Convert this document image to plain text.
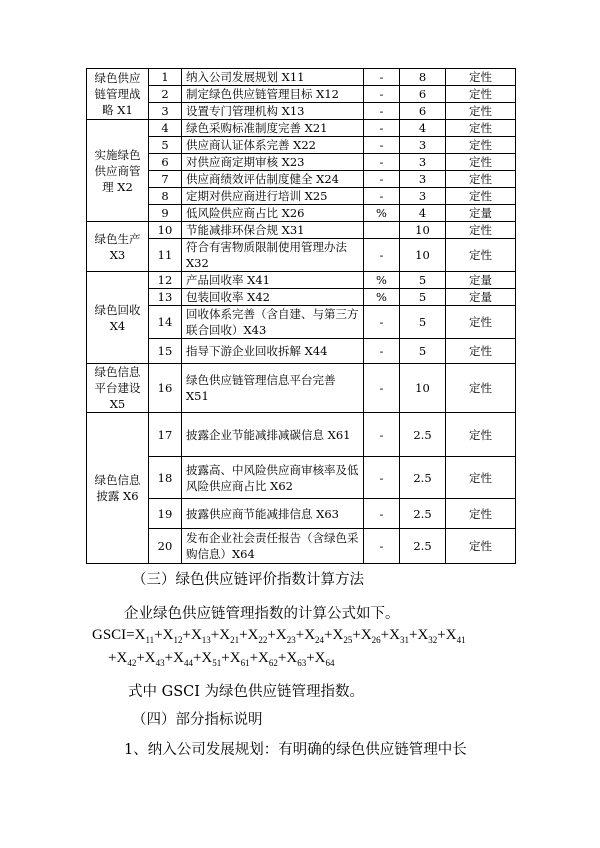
绿色供应链管理战略 X1	1	纳入公司发展规划 X11	-	8	定性
	2	制定绿色供应链管理目标 X12	-	6	定性
	3	设置专门管理机构 X13	-	6	定性
实施绿色供应商管理 X2	4	绿色采购标准制度完善 X21	-	4	定性
	5	供应商认证体系完善 X22	-	3	定性
	6	对供应商定期审核 X23	-	3	定性
	7	供应商绩效评估制度健全 X24	-	3	定性
	8	定期对供应商进行培训 X25	-	3	定性
	9	低风险供应商占比 X26	%	4	定量
绿色生产 X3	10	节能减排环保合规 X31		10	定性
	11	符合有害物质限制使用管理办法 X32	-	10	定性
绿色回收 X4	12	产品回收率 X41	%	5	定量
	13	包装回收率 X42	%	5	定量
	14	回收体系完善（含自建、与第三方联合回收）X43	-	5	定性
	15	指导下游企业回收拆解 X44	-	5	定性
绿色信息平台建设 X5	16	绿色供应链管理信息平台完善 X51	-	10	定性
绿色信息披露 X6	17	披露企业节能减排减碳信息 X61	-	2.5	定性
	18	披露高、中风险供应商审核率及低风险供应商占比 X62	-	2.5	定性
	19	披露供应商节能减排信息 X63	-	2.5	定性
	20	发布企业社会责任报告（含绿色采购信息）X64	-	2.5	定性
（三）绿色供应链评价指数计算方法
企业绿色供应链管理指数的计算公式如下。
$GSCI=X_{11}+X_{12}+X_{13}+X_{21}+X_{22}+X_{23}+X_{24}+X_{25}+X_{26}+X_{31}+X_{32}+X_{41}$
$+X_{42}+X_{43}+X_{44}+X_{51}+X_{61}+X_{62}+X_{63}+X_{64}$
式中 GSCI 为绿色供应链管理指数。
（四）部分指标说明
1、纳入公司发展规划：有明确的绿色供应链管理中长
